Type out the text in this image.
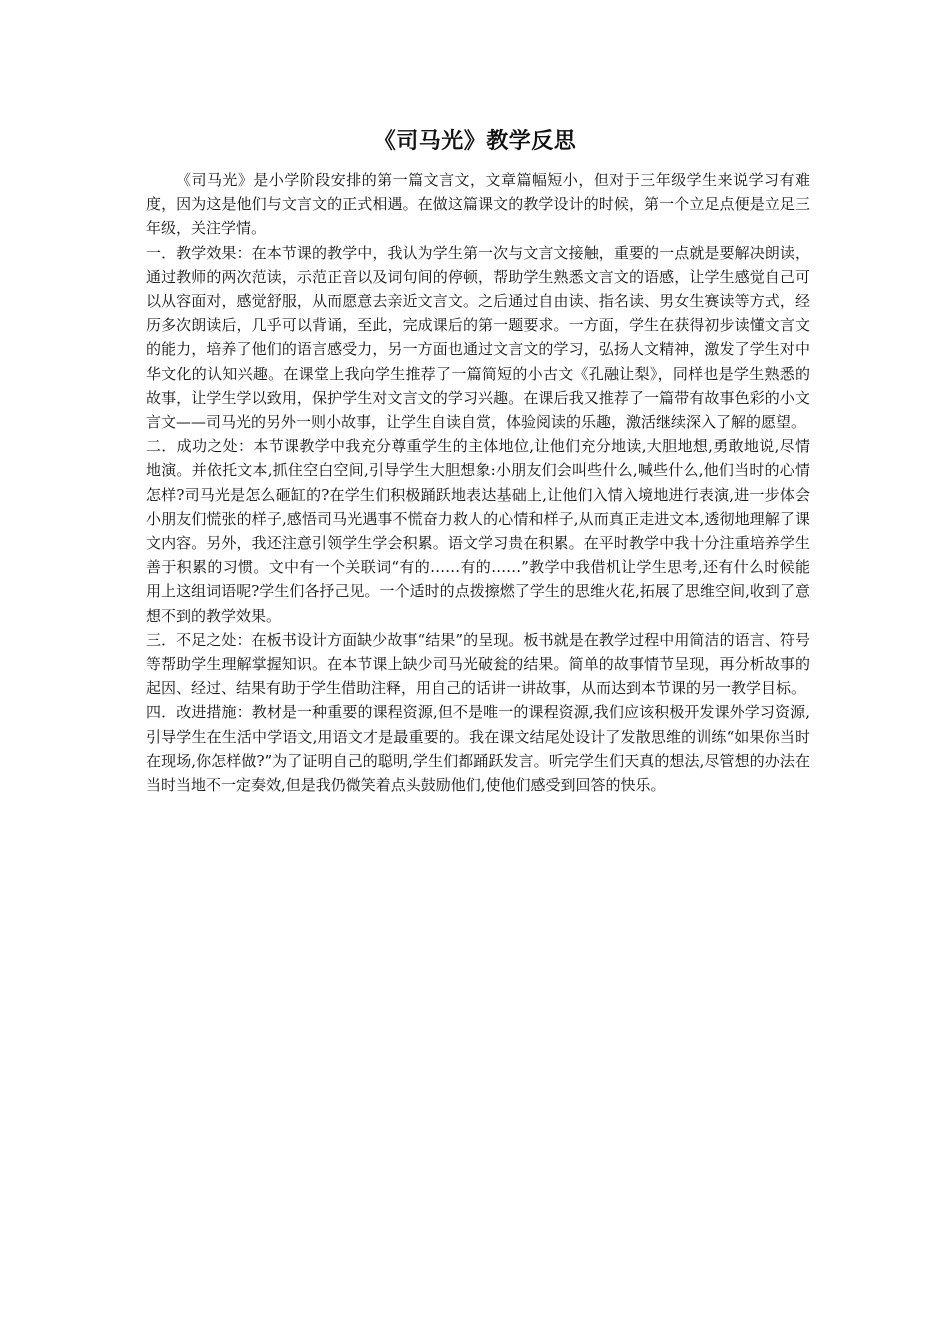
《司马光》教学反思

《司马光》是小学阶段安排的第一篇文言文，文章篇幅短小，但对于三年级学生来说学习有难度，因为这是他们与文言文的正式相遇。在做这篇课文的教学设计的时候，第一个立足点便是立足三年级，关注学情。

一．教学效果：在本节课的教学中，我认为学生第一次与文言文接触，重要的一点就是要解决朗读，通过教师的两次范读，示范正音以及词句间的停顿，帮助学生熟悉文言文的语感，让学生感觉自己可以从容面对，感觉舒服，从而愿意去亲近文言文。之后通过自由读、指名读、男女生赛读等方式，经历多次朗读后，几乎可以背诵，至此，完成课后的第一题要求。一方面，学生在获得初步读懂文言文的能力，培养了他们的语言感受力，另一方面也通过文言文的学习，弘扬人文精神，激发了学生对中华文化的认知兴趣。在课堂上我向学生推荐了一篇简短的小古文《孔融让梨》，同样也是学生熟悉的故事，让学生学以致用，保护学生对文言文的学习兴趣。在课后我又推荐了一篇带有故事色彩的小文言文——司马光的另外一则小故事，让学生自读自赏，体验阅读的乐趣，激活继续深入了解的愿望。

二．成功之处：本节课教学中我充分尊重学生的主体地位,让他们充分地读,大胆地想,勇敢地说,尽情地演。并依托文本,抓住空白空间,引导学生大胆想象:小朋友们会叫些什么,喊些什么,他们当时的心情怎样?司马光是怎么砸缸的?在学生们积极踊跃地表达基础上,让他们入情入境地进行表演,进一步体会小朋友们慌张的样子,感悟司马光遇事不慌奋力救人的心情和样子,从而真正走进文本,透彻地理解了课文内容。另外，我还注意引领学生学会积累。语文学习贵在积累。在平时教学中我十分注重培养学生善于积累的习惯。文中有一个关联词“有的……有的……”教学中我借机让学生思考,还有什么时候能用上这组词语呢?学生们各抒己见。一个适时的点拨擦燃了学生的思维火花,拓展了思维空间,收到了意想不到的教学效果。

三．不足之处：在板书设计方面缺少故事“结果”的呈现。板书就是在教学过程中用简洁的语言、符号等帮助学生理解掌握知识。在本节课上缺少司马光破瓮的结果。简单的故事情节呈现，再分析故事的起因、经过、结果有助于学生借助注释，用自己的话讲一讲故事，从而达到本节课的另一教学目标。

四．改进措施：教材是一种重要的课程资源,但不是唯一的课程资源,我们应该积极开发课外学习资源,引导学生在生活中学语文,用语文才是最重要的。我在课文结尾处设计了发散思维的训练“如果你当时在现场,你怎样做?”为了证明自己的聪明,学生们都踊跃发言。听完学生们天真的想法,尽管想的办法在当时当地不一定奏效,但是我仍微笑着点头鼓励他们,使他们感受到回答的快乐。
